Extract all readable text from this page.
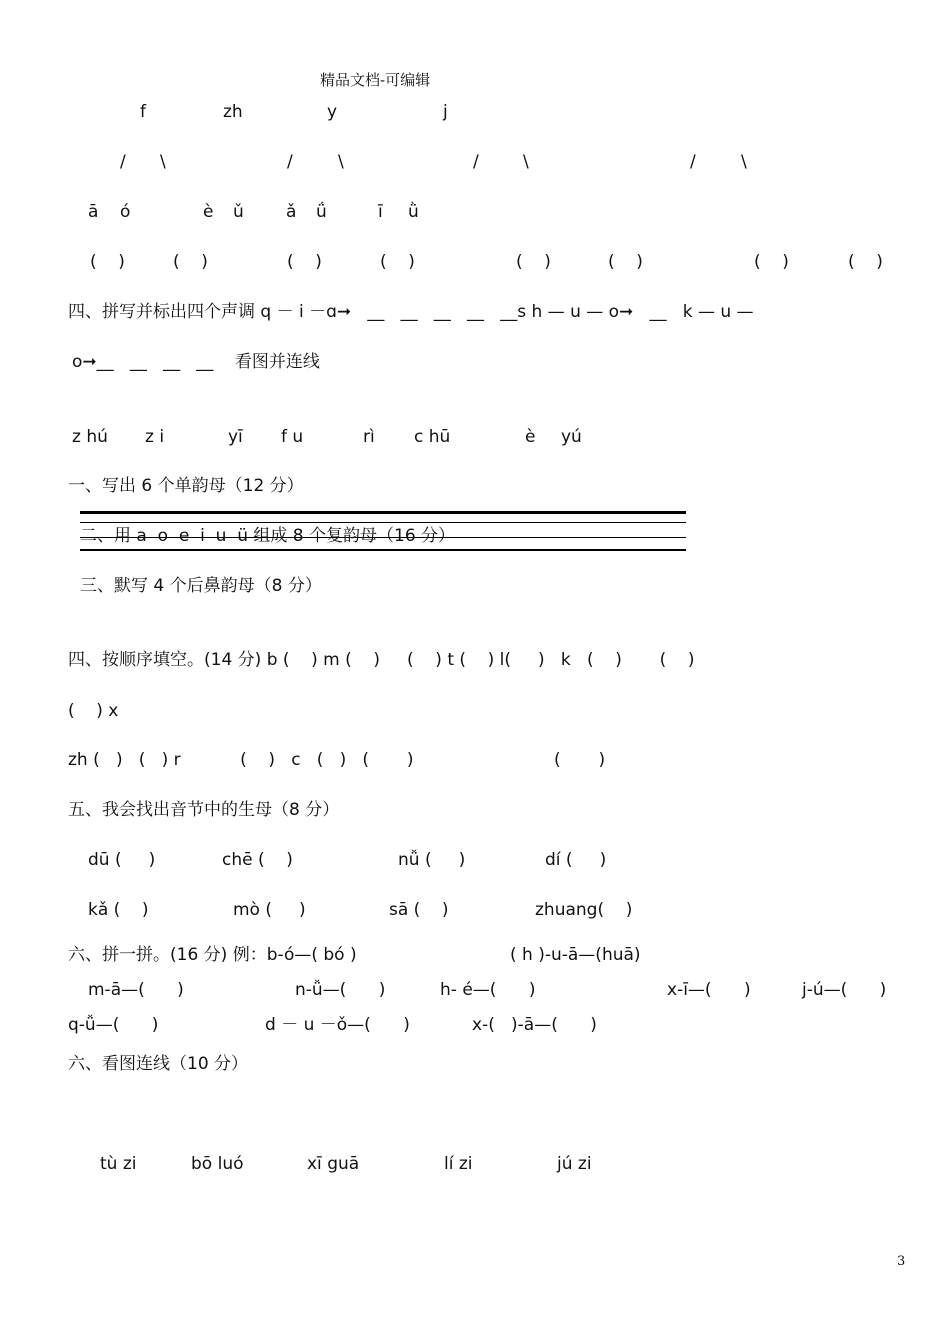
精品文档-可编辑
f	zh	y	j
/ \	/	\	/	\	/	\
ā ó	è ǔ ǎ ǘ	ī ǜ
(    )	(    )	(    )	(    )	(    )	(    )	(    )	(    )
四、拼写并标出四个声调 q － i －ɑ➞   __   __   __   __   __s h — u — o➞   __   k — u —
o➞__   __   __   __    看图并连线
z hú z i	yī f u	rì c hū	è yú
一、写出 6 个单韵母（12 分）
二、用 a  o  e  i  u  ü 组成 8 个复韵母（16 分）
三、默写 4 个后鼻韵母（8 分）
四、按顺序填空。(14 分) b (    ) m (    )     (    ) t (    ) l(     )   k   (    )       (    )
(    ) x
zh (   )   (   ) r           (    )   c   (   )   (       )                          (       )
五、我会找出音节中的生母（8 分）
dū (     )	chē (    )	nǚ (     )	dí (     )
kǎ (    )	mò (     )	sā (    )	zhuang(    )
六、拼一拼。(16 分) 例：b-ó—( bó )	( h )-u-ā—(huā)
m-ā—(      )	n-ǚ—(      )	h- é—(      )	x-ī—(      )	j-ú—(      )
q-ǚ—(      )	d － u －ǒ—(      )	x-(   )-ā—(      )
六、看图连线（10 分）
tù zi	bō luó	xī guā	lí zi	jú zi
3
